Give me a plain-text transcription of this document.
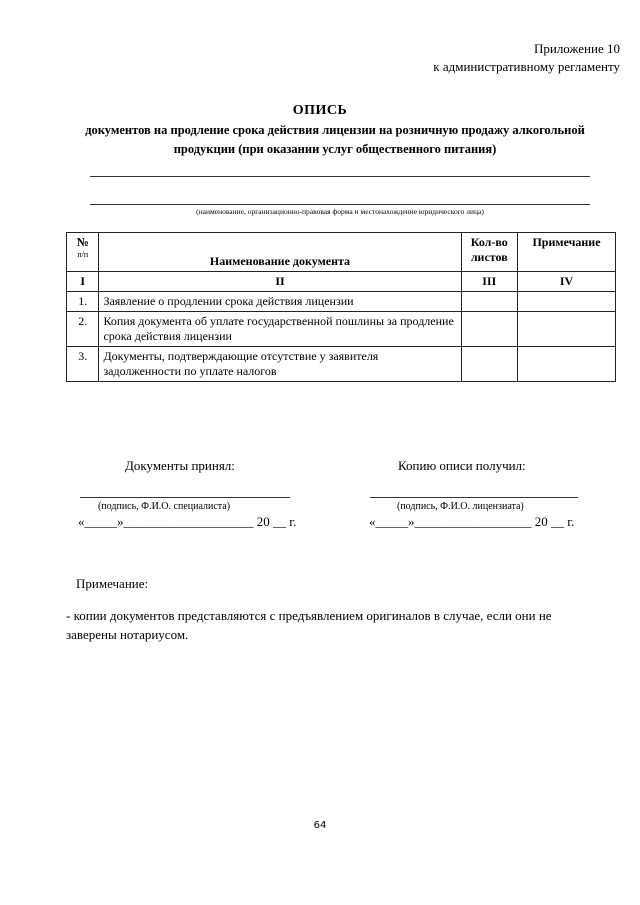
Приложение 10
к административному регламенту
ОПИСЬ
документов на продление срока действия лицензии на розничную продажу алкогольной
продукции (при оказании услуг общественного питания)
(наименование, организационно-правовая форма и местонахождение юридического лица)
№
п/п	Наименование документа	Кол-во листов	Примечание
I	II	III	IV
1.	Заявление о продлении срока действия лицензии		
2.	Копия документа об уплате государственной пошлины за продление срока действия лицензии		
3.	Документы, подтверждающие отсутствие у заявителя задолженности по уплате налогов		
Документы принял:	Копию описи получил:
(подпись, Ф.И.О. специалиста)	(подпись, Ф.И.О. лицензиата)
«_____»____________________ 20 __ г.	«_____»__________________ 20 __ г.
Примечание:
- копии документов представляются с предъявлением оригиналов в случае, если они не заверены нотариусом.
64
